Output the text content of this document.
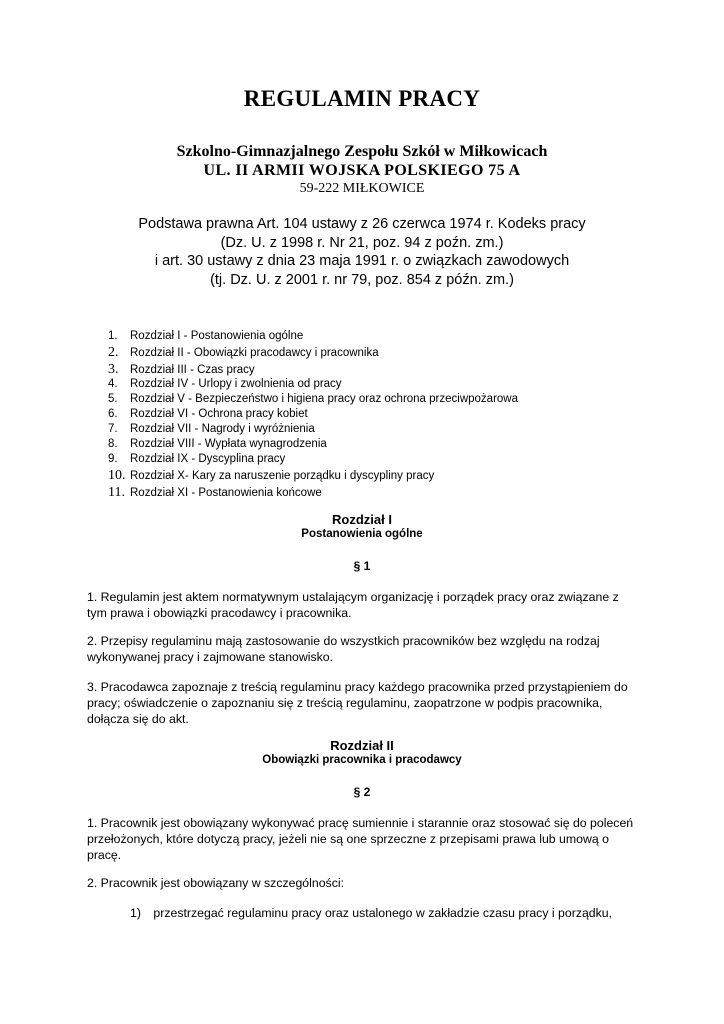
REGULAMIN PRACY
Szkolno-Gimnazjalnego Zespołu Szkół w Miłkowicach
UL. II ARMII WOJSKA POLSKIEGO 75 A
59-222 MIŁKOWICE
Podstawa prawna Art. 104 ustawy z 26 czerwca 1974 r. Kodeks pracy
(Dz. U. z 1998 r. Nr 21, poz. 94 z poźn. zm.)
i art. 30 ustawy z dnia 23 maja 1991 r. o związkach zawodowych
(tj. Dz. U. z 2001 r. nr 79, poz. 854 z późn. zm.)
1.	Rozdział I - Postanowienia ogólne
2.	Rozdział II - Obowiązki pracodawcy i pracownika
3.	Rozdział III - Czas pracy
4.	Rozdział IV - Urlopy i zwolnienia od pracy
5.	Rozdział V - Bezpieczeństwo i higiena pracy oraz ochrona przeciwpożarowa
6.	Rozdział VI - Ochrona pracy kobiet
7.	Rozdział VII - Nagrody i wyróżnienia
8.	Rozdział VIII - Wypłata wynagrodzenia
9.	Rozdział IX - Dyscyplina pracy
10. Rozdział X- Kary za naruszenie porządku i dyscypliny pracy
11. Rozdział XI - Postanowienia końcowe
Rozdział I
Postanowienia ogólne
§ 1
1. Regulamin jest aktem normatywnym ustalającym organizację i porządek pracy oraz związane z
tym prawa i obowiązki pracodawcy i pracownika.
2. Przepisy regulaminu mają zastosowanie do wszystkich pracowników bez względu na rodzaj
wykonywanej pracy i zajmowane stanowisko.
3. Pracodawca zapoznaje z treścią regulaminu pracy każdego pracownika przed przystąpieniem do
pracy; oświadczenie o zapoznaniu się z treścią regulaminu, zaopatrzone w podpis pracownika,
dołącza się do akt.
Rozdział II
Obowiązki pracownika i pracodawcy
§ 2
1. Pracownik jest obowiązany wykonywać pracę sumiennie i starannie oraz stosować się do poleceń
przełożonych, które dotyczą pracy, jeżeli nie są one sprzeczne z przepisami prawa lub umową o
pracę.
2. Pracownik jest obowiązany w szczególności:
1) przestrzegać regulaminu pracy oraz ustalonego w zakładzie czasu pracy i porządku,
